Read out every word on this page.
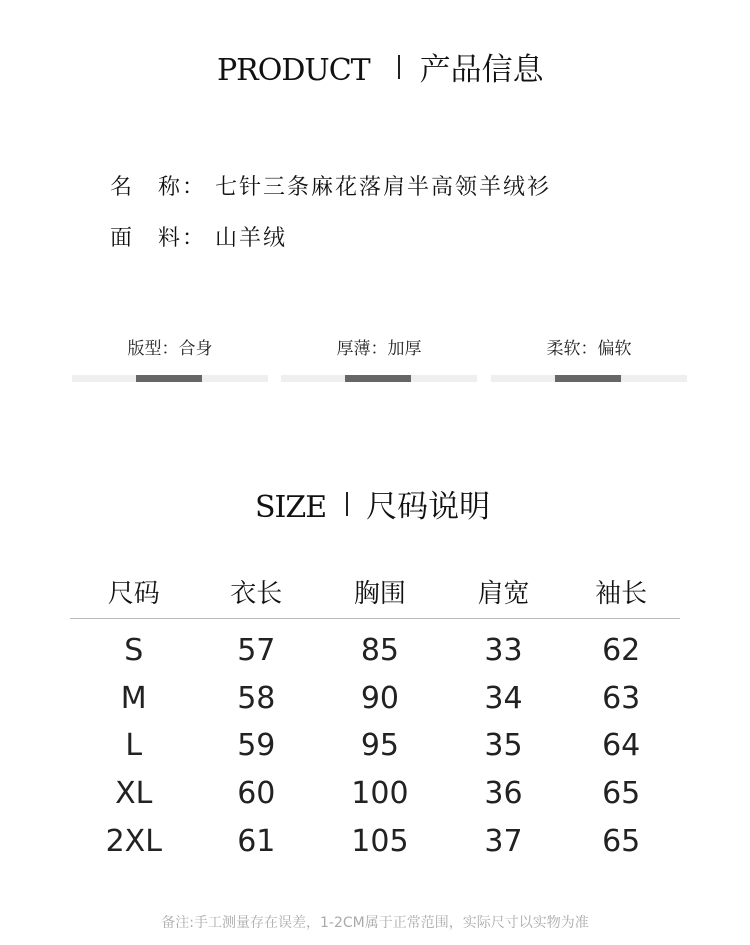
PRODUCT 产品信息
名　称： 七针三条麻花落肩半高领羊绒衫
面　料： 山羊绒
版型：合身	厚薄：加厚	柔软：偏软
SIZE 尺码说明
尺码	衣长	胸围	肩宽	袖长
S	57	85	33	62
M	58	90	34	63
L	59	95	35	64
XL	60	100	36	65
2XL	61	105	37	65
备注:手工测量存在误差，1-2CM属于正常范围，实际尺寸以实物为准
